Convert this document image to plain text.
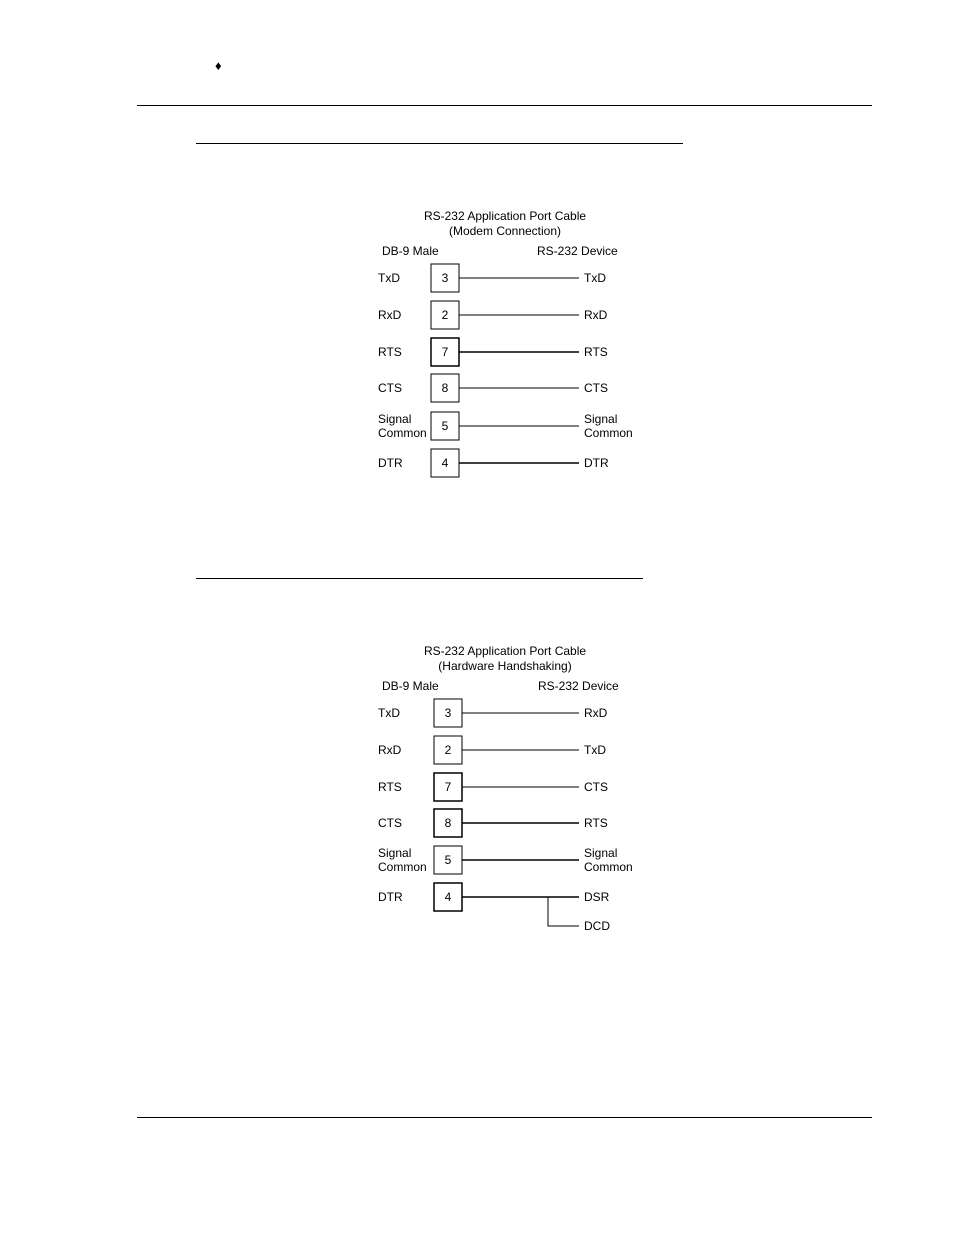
♦
RS-232 Application Port Cable
(Modem Connection)
DB-9 Male	RS-232 Device
TxD	3	TxD
RxD	2	RxD
RTS	7	RTS
CTS	8	CTS
Signal
Common 5	Signal
Common
DTR	4	DTR
RS-232 Application Port Cable
(Hardware Handshaking)
DB-9 Male	RS-232 Device
TxD	3	RxD
RxD	2	TxD
RTS	7	CTS
CTS	8	RTS
Signal
Common 5	Signal
Common
DTR	4	DSR
DCD
